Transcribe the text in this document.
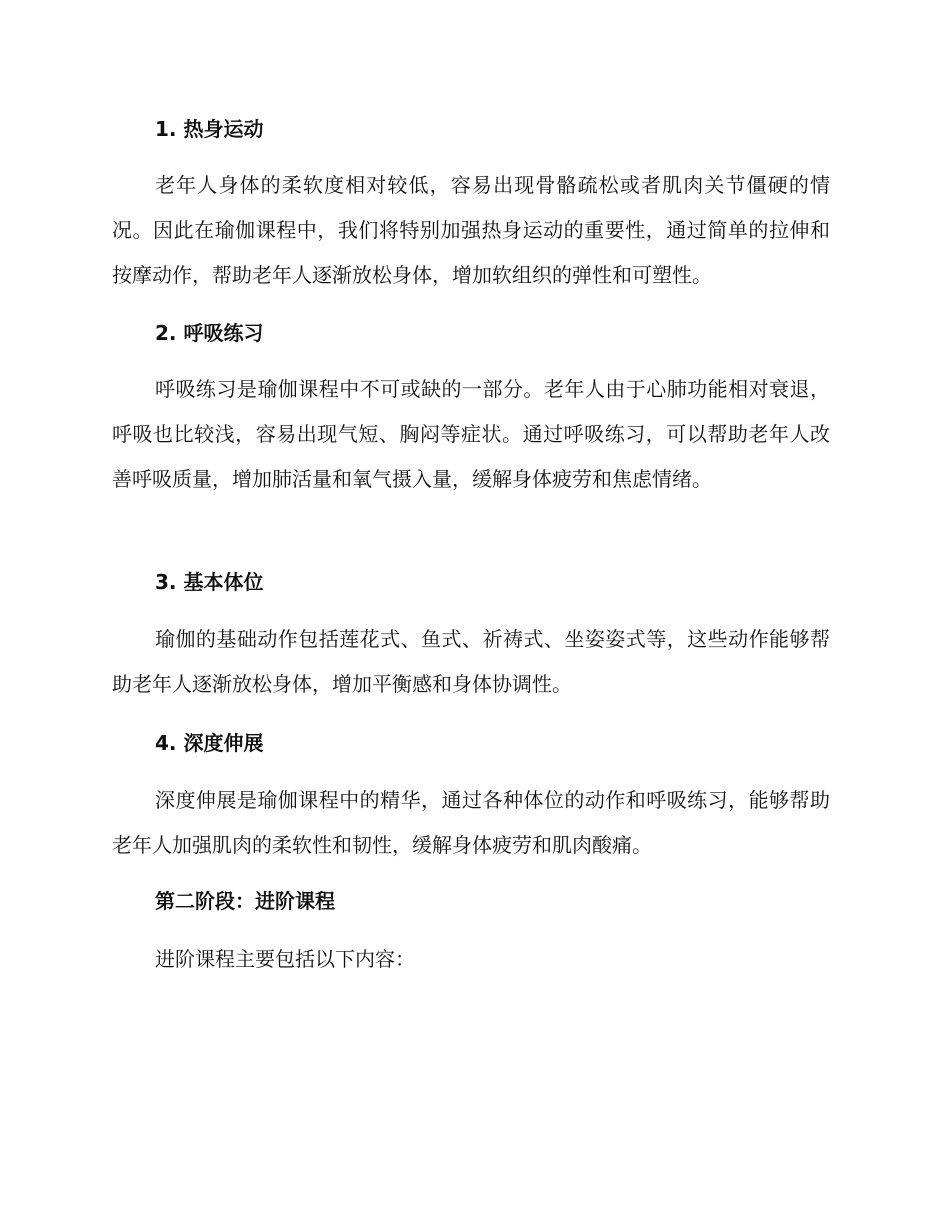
1. 热身运动

老年人身体的柔软度相对较低，容易出现骨骼疏松或者肌肉关节僵硬的情况。因此在瑜伽课程中，我们将特别加强热身运动的重要性，通过简单的拉伸和按摩动作，帮助老年人逐渐放松身体，增加软组织的弹性和可塑性。

2. 呼吸练习

呼吸练习是瑜伽课程中不可或缺的一部分。老年人由于心肺功能相对衰退，呼吸也比较浅，容易出现气短、胸闷等症状。通过呼吸练习，可以帮助老年人改善呼吸质量，增加肺活量和氧气摄入量，缓解身体疲劳和焦虑情绪。

3. 基本体位

瑜伽的基础动作包括莲花式、鱼式、祈祷式、坐姿姿式等，这些动作能够帮助老年人逐渐放松身体，增加平衡感和身体协调性。

4. 深度伸展

深度伸展是瑜伽课程中的精华，通过各种体位的动作和呼吸练习，能够帮助老年人加强肌肉的柔软性和韧性，缓解身体疲劳和肌肉酸痛。

第二阶段：进阶课程

进阶课程主要包括以下内容：
